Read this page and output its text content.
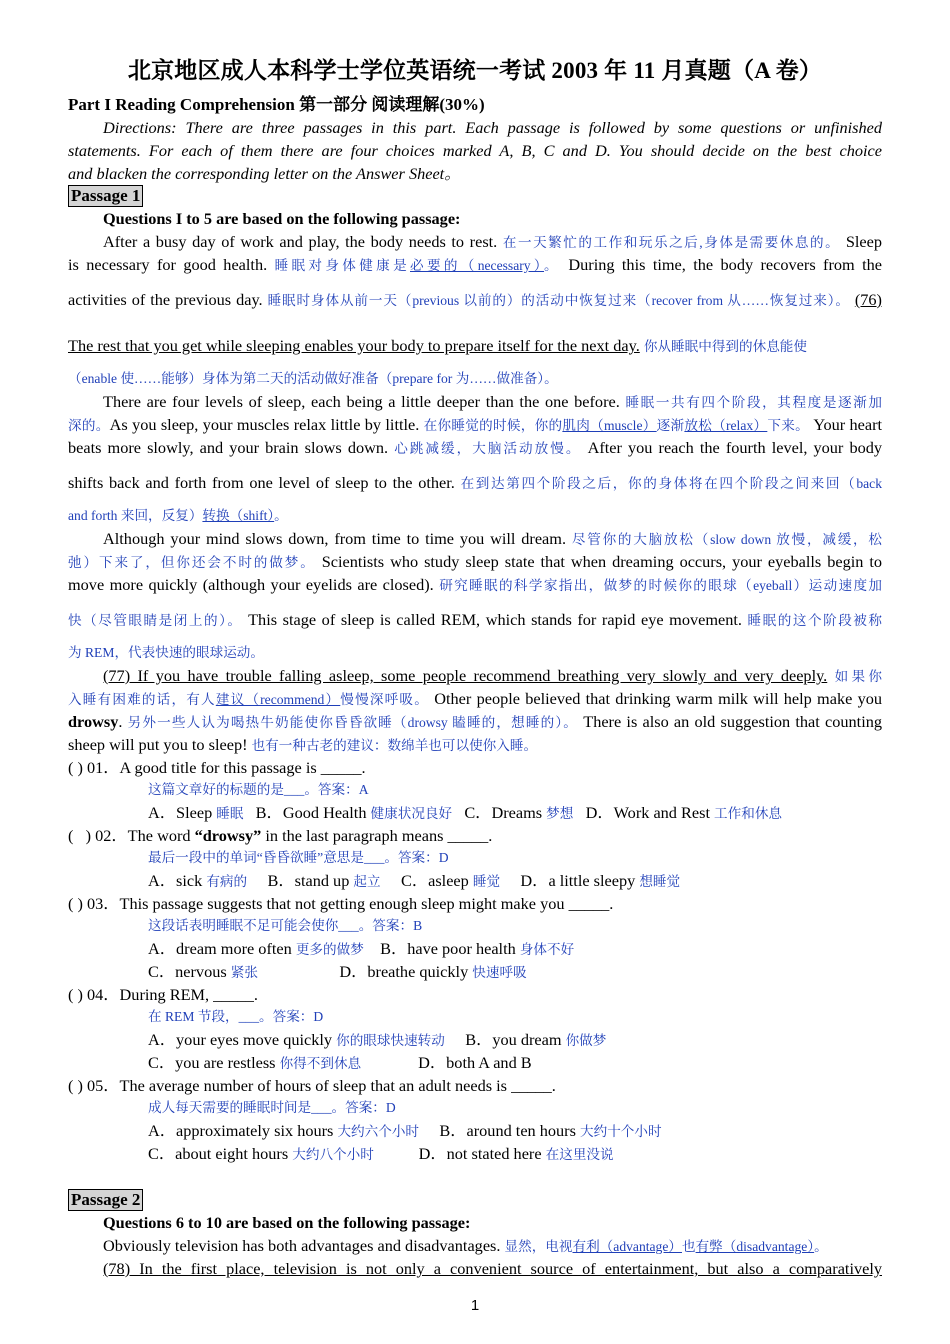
北京地区成人本科学士学位英语统一考试 2003 年 11 月真题（A 卷）
Part I Reading Comprehension 第一部分 阅读理解(30%)
Directions: There are three passages in this part. Each passage is followed by some questions or unfinished
statements. For each of them there are four choices marked A, B, C and D. You should decide on the best choice
and blacken the corresponding letter on the Answer Sheet。
Passage 1
Questions I to 5 are based on the following passage:
After a busy day of work and play, the body needs to rest. 在一天繁忙的工作和玩乐之后,身体是需要休息的。 Sleep
is necessary for good health. 睡眠对身体健康是必要的（necessary）。 During this time, the body recovers from the
activities of the previous day. 睡眠时身体从前一天（previous 以前的）的活动中恢复过来（recover from 从……恢复过来）。 (76)
The rest that you get while sleeping enables your body to prepare itself for the next day. 你从睡眠中得到的休息能使
（enable 使……能够）身体为第二天的活动做好准备（prepare for 为……做准备）。
There are four levels of sleep, each being a little deeper than the one before. 睡眠一共有四个阶段，其程度是逐渐加
深的。As you sleep, your muscles relax little by little. 在你睡觉的时候，你的肌肉（muscle）逐渐放松（relax）下来。 Your heart
beats more slowly, and your brain slows down. 心跳减缓，大脑活动放慢。 After you reach the fourth level, your body
shifts back and forth from one level of sleep to the other. 在到达第四个阶段之后，你的身体将在四个阶段之间来回（back
and forth 来回，反复）转换（shift）。
Although your mind slows down, from time to time you will dream. 尽管你的大脑放松（slow down 放慢，减缓，松
弛）下来了，但你还会不时的做梦。 Scientists who study sleep state that when dreaming occurs, your eyeballs begin to
move more quickly (although your eyelids are closed). 研究睡眠的科学家指出，做梦的时候你的眼球（eyeball）运动速度加
快（尽管眼睛是闭上的）。 This stage of sleep is called REM, which stands for rapid eye movement. 睡眠的这个阶段被称
为 REM，代表快速的眼球运动。
(77) If you have trouble falling asleep, some people recommend breathing very slowly and very deeply. 如果你
入睡有困难的话，有人建议（recommend）慢慢深呼吸。 Other people believed that drinking warm milk will help make you
drowsy. 另外一些人认为喝热牛奶能使你昏昏欲睡（drowsy 瞌睡的，想睡的）。 There is also an old suggestion that counting
sheep will put you to sleep! 也有一种古老的建议：数绵羊也可以使你入睡。
( ) 01．A good title for this passage is _____.
这篇文章好的标题的是___。答案：A
A．Sleep 睡眠   B．Good Health 健康状况良好   C．Dreams 梦想   D．Work and Rest 工作和休息
(   ) 02．The word “drowsy” in the last paragraph means _____.
最后一段中的单词“昏昏欲睡”意思是___。答案：D
A．sick 有病的     B．stand up 起立     C．asleep 睡觉     D．a little sleepy 想睡觉
( ) 03．This passage suggests that not getting enough sleep might make you _____.
这段话表明睡眠不足可能会使你___。答案：B
A．dream more often 更多的做梦    B．have poor health 身体不好
C．nervous 紧张                    D．breathe quickly 快速呼吸
( ) 04．During REM, _____.
在 REM 节段，___。答案：D
A．your eyes move quickly 你的眼球快速转动     B．you dream 你做梦
C．you are restless 你得不到休息              D．both A and B
( ) 05．The average number of hours of sleep that an adult needs is _____.
成人每天需要的睡眠时间是___。答案：D
A．approximately six hours 大约六个小时     B．around ten hours 大约十个小时
C．about eight hours 大约八个小时           D．not stated here 在这里没说
Passage 2
Questions 6 to 10 are based on the following passage:
Obviously television has both advantages and disadvantages. 显然，电视有利（advantage）也有弊（disadvantage）。
(78) In the first place, television is not only a convenient source of entertainment, but also a comparatively
1
